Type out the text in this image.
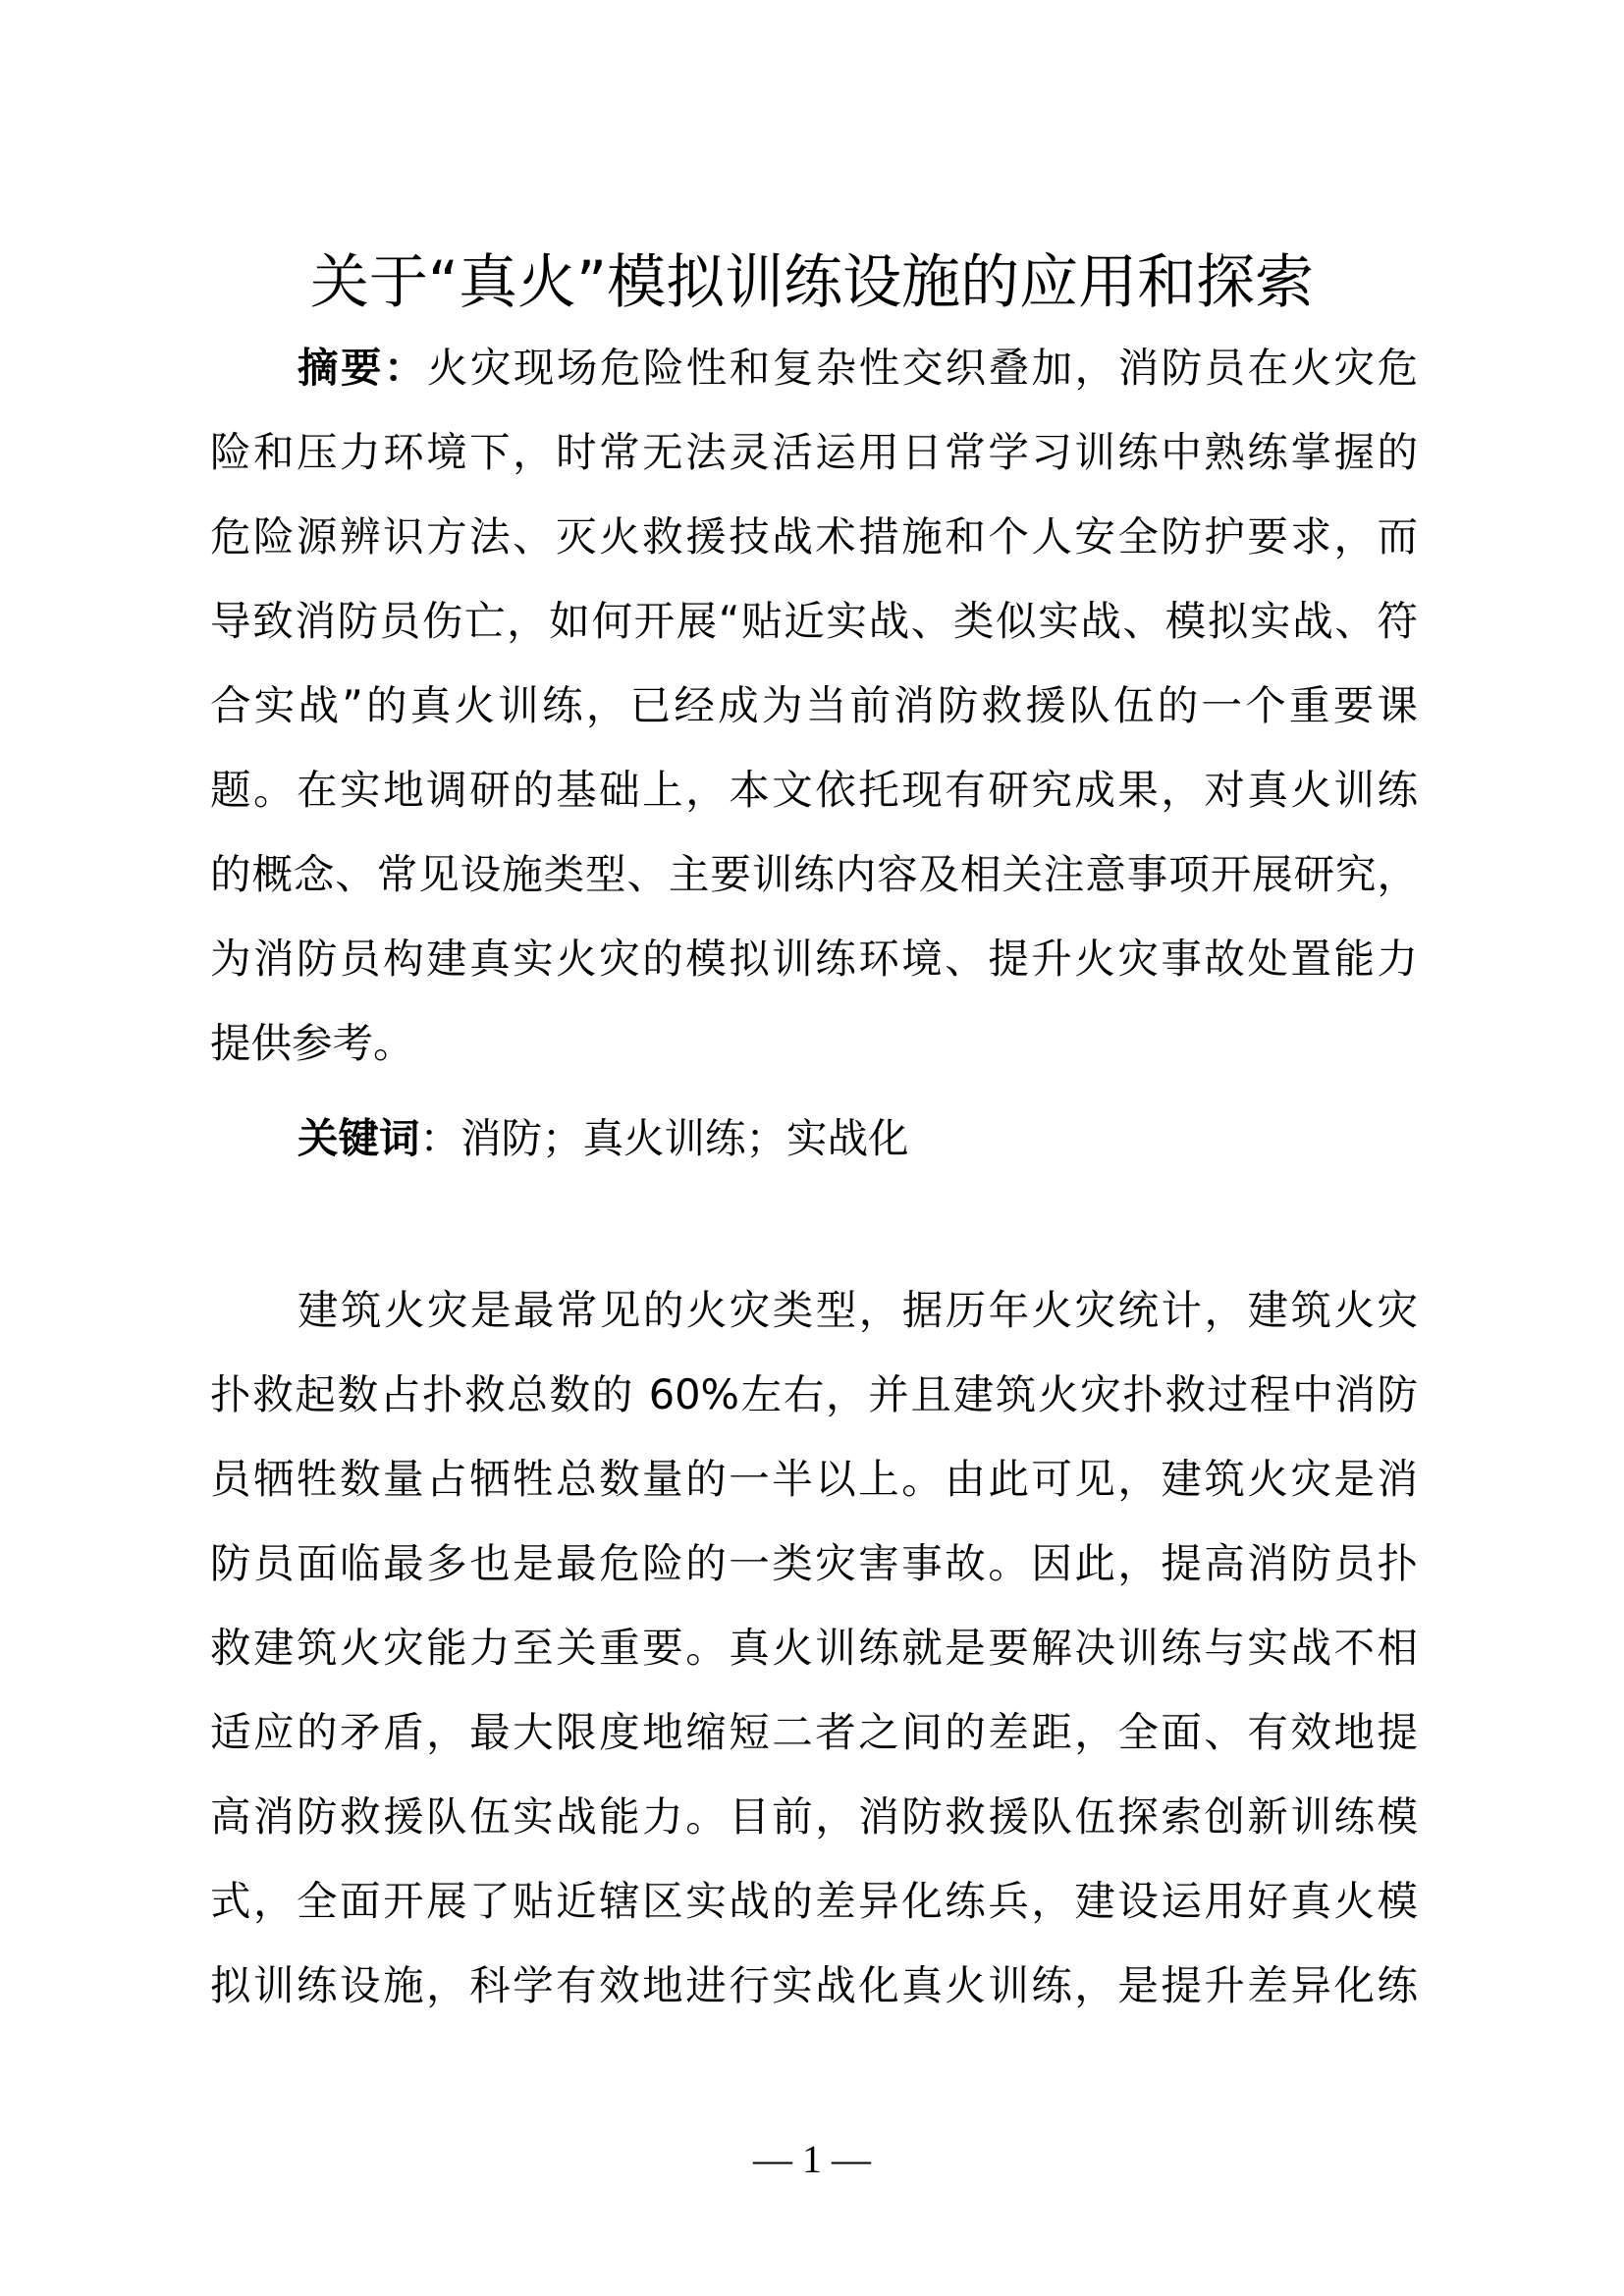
关于“真火”模拟训练设施的应用和探索
摘要：火灾现场危险性和复杂性交织叠加，消防员在火灾危
险和压力环境下，时常无法灵活运用日常学习训练中熟练掌握的
危险源辨识方法、灭火救援技战术措施和个人安全防护要求，而
导致消防员伤亡，如何开展“贴近实战、类似实战、模拟实战、符
合实战”的真火训练，已经成为当前消防救援队伍的一个重要课
题。在实地调研的基础上，本文依托现有研究成果，对真火训练
的概念、常见设施类型、主要训练内容及相关注意事项开展研究，
为消防员构建真实火灾的模拟训练环境、提升火灾事故处置能力
提供参考。
关键词：消防；真火训练；实战化
建筑火灾是最常见的火灾类型，据历年火灾统计，建筑火灾
扑救起数占扑救总数的 60%左右，并且建筑火灾扑救过程中消防
员牺牲数量占牺牲总数量的一半以上。由此可见，建筑火灾是消
防员面临最多也是最危险的一类灾害事故。因此，提高消防员扑
救建筑火灾能力至关重要。真火训练就是要解决训练与实战不相
适应的矛盾，最大限度地缩短二者之间的差距，全面、有效地提
高消防救援队伍实战能力。目前，消防救援队伍探索创新训练模
式，全面开展了贴近辖区实战的差异化练兵，建设运用好真火模
拟训练设施，科学有效地进行实战化真火训练，是提升差异化练
— 1 —
